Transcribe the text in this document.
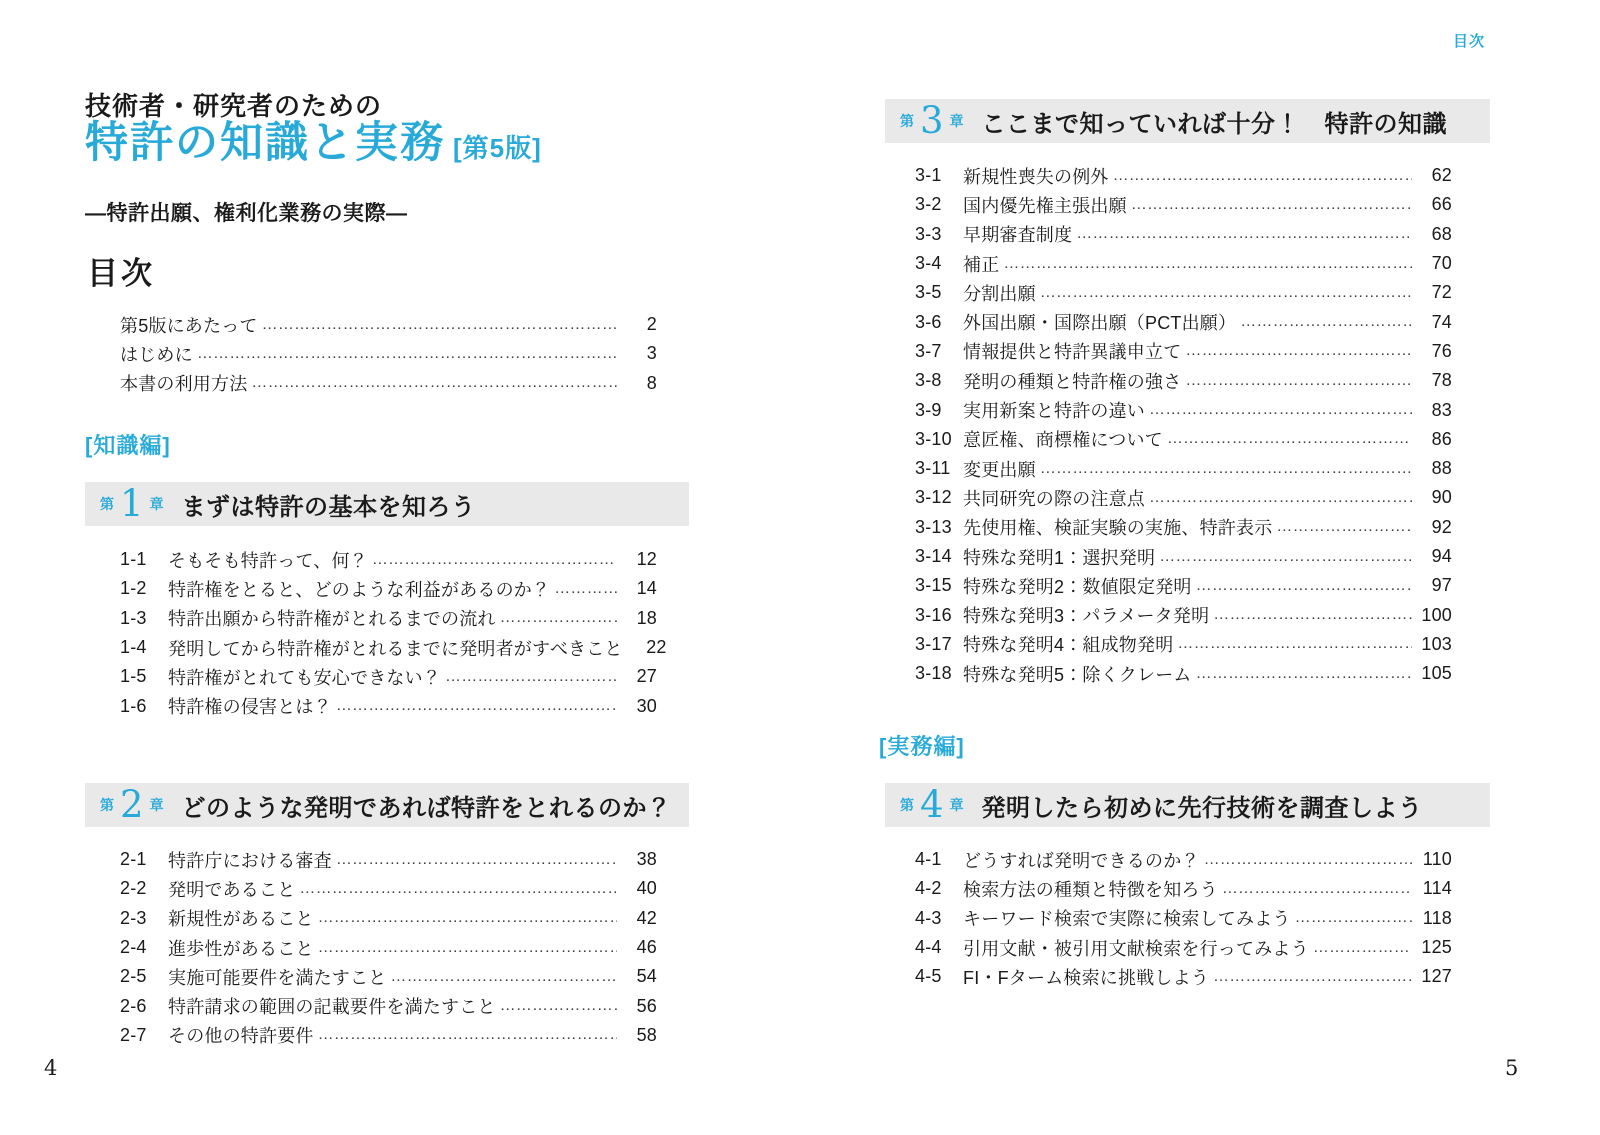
目次
技術者・研究者のための
特許の知識と実務 [第5版]
―特許出願、権利化業務の実際―
目次
第5版にあたって …………………………………………………………………………………………………………	2
はじめに …………………………………………………………………………………………………………	3
本書の利用方法 …………………………………………………………………………………………………………	8
[知識編]
第 1 章 まずは特許の基本を知ろう
1-1	そもそも特許って、何？ …………………………………………………………………………………………………………	12
1-2	特許権をとると、どのような利益があるのか？ …………………………………………………………………………………………………………	14
1-3	特許出願から特許権がとれるまでの流れ …………………………………………………………………………………………………………	18
1-4	発明してから特許権がとれるまでに発明者がすべきこと	22
1-5	特許権がとれても安心できない？ …………………………………………………………………………………………………………	27
1-6	特許権の侵害とは？ …………………………………………………………………………………………………………	30
第 2 章 どのような発明であれば特許をとれるのか？
2-1	特許庁における審査 …………………………………………………………………………………………………………	38
2-2	発明であること …………………………………………………………………………………………………………	40
2-3	新規性があること …………………………………………………………………………………………………………	42
2-4	進歩性があること …………………………………………………………………………………………………………	46
2-5	実施可能要件を満たすこと …………………………………………………………………………………………………………	54
2-6	特許請求の範囲の記載要件を満たすこと …………………………………………………………………………………………………………	56
2-7	その他の特許要件 …………………………………………………………………………………………………………	58
第 3 章 ここまで知っていれば十分！　特許の知識
3-1	新規性喪失の例外 …………………………………………………………………………………………………………	62
3-2	国内優先権主張出願 …………………………………………………………………………………………………………	66
3-3	早期審査制度 …………………………………………………………………………………………………………	68
3-4	補正 …………………………………………………………………………………………………………	70
3-5	分割出願 …………………………………………………………………………………………………………	72
3-6	外国出願・国際出願（PCT出願） …………………………………………………………………………………………………………	74
3-7	情報提供と特許異議申立て …………………………………………………………………………………………………………	76
3-8	発明の種類と特許権の強さ …………………………………………………………………………………………………………	78
3-9	実用新案と特許の違い …………………………………………………………………………………………………………	83
3-10 意匠権、商標権について …………………………………………………………………………………………………………	86
3-11 変更出願 …………………………………………………………………………………………………………	88
3-12 共同研究の際の注意点 …………………………………………………………………………………………………………	90
3-13 先使用権、検証実験の実施、特許表示 …………………………………………………………………………………………………………	92
3-14 特殊な発明1：選択発明 …………………………………………………………………………………………………………	94
3-15 特殊な発明2：数値限定発明 …………………………………………………………………………………………………………	97
3-16 特殊な発明3：パラメータ発明 …………………………………………………………………………………………………………	100
3-17 特殊な発明4：組成物発明 …………………………………………………………………………………………………………	103
3-18 特殊な発明5：除くクレーム …………………………………………………………………………………………………………	105
[実務編]
第 4 章 発明したら初めに先行技術を調査しよう
4-1	どうすれば発明できるのか？ …………………………………………………………………………………………………………	110
4-2	検索方法の種類と特徴を知ろう …………………………………………………………………………………………………………	114
4-3	キーワード検索で実際に検索してみよう …………………………………………………………………………………………………………	118
4-4	引用文献・被引用文献検索を行ってみよう …………………………………………………………………………………………………………	125
4-5	FI・Fターム検索に挑戦しよう …………………………………………………………………………………………………………	127
4	5
